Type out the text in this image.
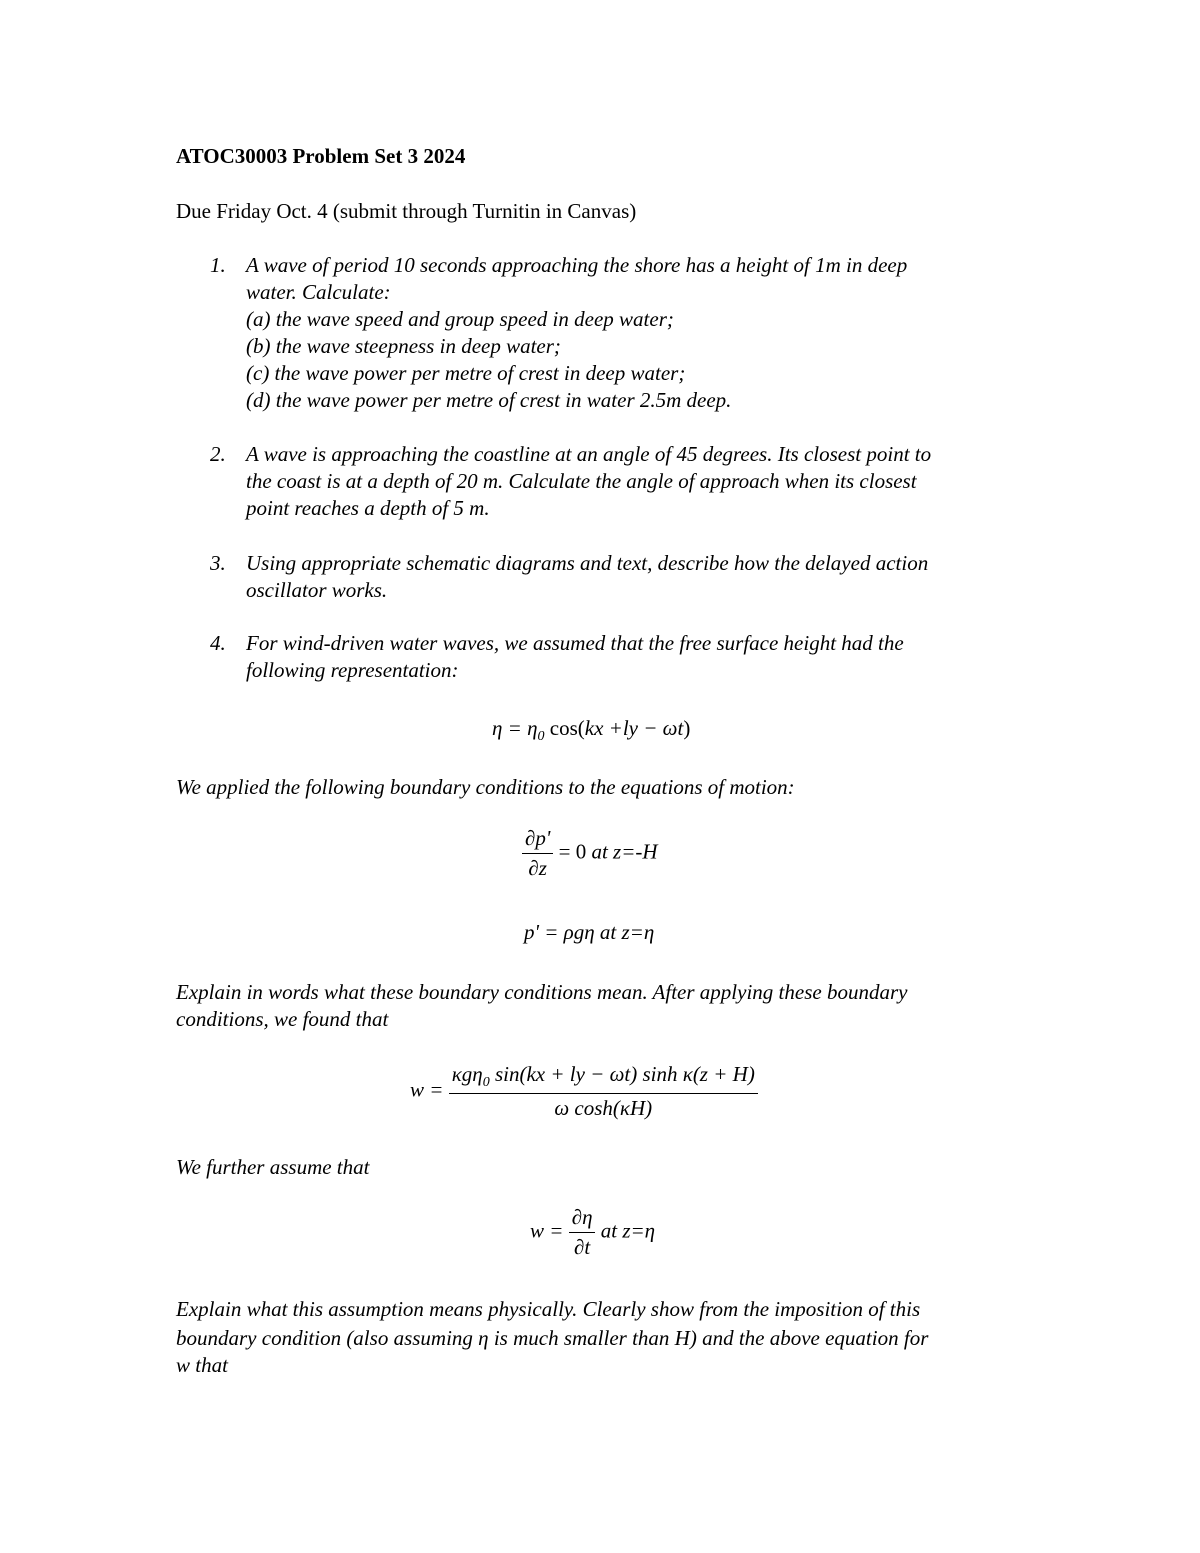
ATOC30003 Problem Set 3 2024
Due Friday Oct. 4 (submit through Turnitin in Canvas)
1. A wave of period 10 seconds approaching the shore has a height of 1m in deep
water. Calculate:
(a) the wave speed and group speed in deep water;
(b) the wave steepness in deep water;
(c) the wave power per metre of crest in deep water;
(d) the wave power per metre of crest in water 2.5m deep.
2. A wave is approaching the coastline at an angle of 45 degrees. Its closest point to
the coast is at a depth of 20 m. Calculate the angle of approach when its closest
point reaches a depth of 5 m.
3. Using appropriate schematic diagrams and text, describe how the delayed action
oscillator works.
4. For wind-driven water waves, we assumed that the free surface height had the
following representation:
$\eta = \eta_0$ cos(kx +ly − ωt)
We applied the following boundary conditions to the equations of motion:
$\frac{\partial p'}{\partial z} = 0$ at z=-H
p' = ρgη at z=η
Explain in words what these boundary conditions mean. After applying these boundary
conditions, we found that
$w = \frac{\kappa g\eta_0 \sin(kx + ly - \omega t) \sinh \kappa(z + H)}{\text{ω cosh(κH)}}$
We further assume that
$w = \frac{\partial\eta}{\partial t}$ at z=η
Explain what this assumption means physically. Clearly show from the imposition of this
boundary condition (also assuming η is much smaller than H) and the above equation for
w that
